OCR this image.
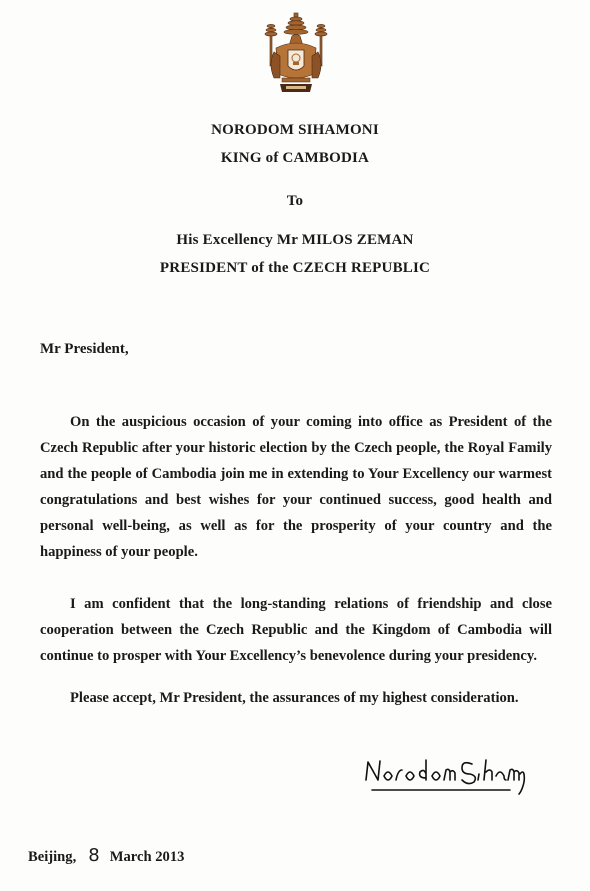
NORODOM SIHAMONI
KING of CAMBODIA
To
His Excellency Mr MILOS ZEMAN
PRESIDENT of the CZECH REPUBLIC
Mr President,

On the auspicious occasion of your coming into office as President of the Czech Republic after your historic election by the Czech people, the Royal Family and the people of Cambodia join me in extending to Your Excellency our warmest congratulations and best wishes for your continued success, good health and personal well-being, as well as for the prosperity of your country and the happiness of your people.

I am confident that the long-standing relations of friendship and close cooperation between the Czech Republic and the Kingdom of Cambodia will continue to prosper with Your Excellency’s benevolence during your presidency.

Please accept, Mr President, the assurances of my highest consideration.
Beijing, 8 March 2013
